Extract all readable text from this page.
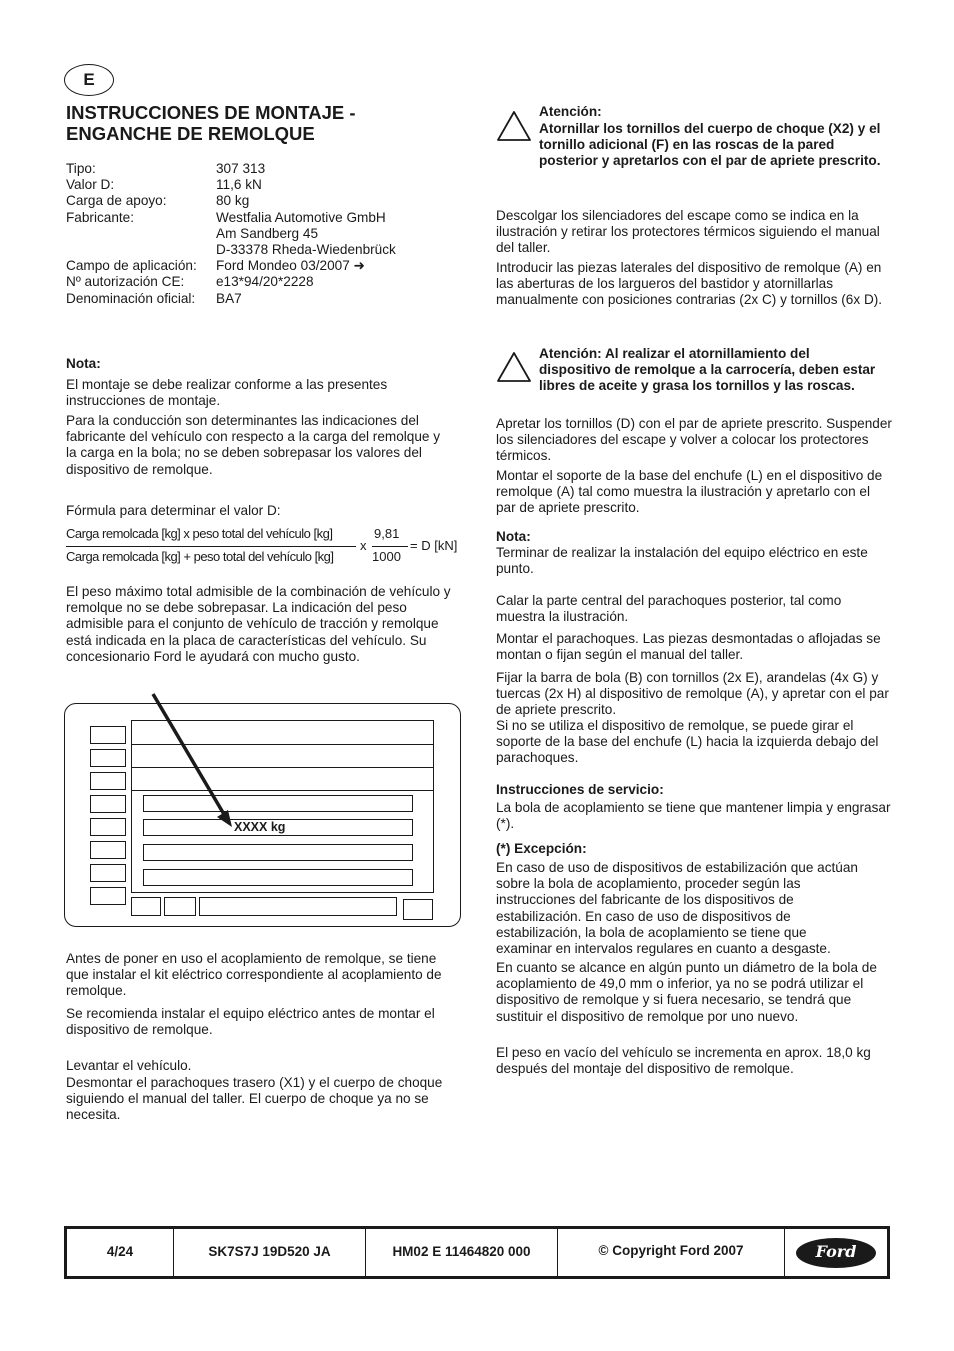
E
INSTRUCCIONES DE MONTAJE - ENGANCHE DE REMOLQUE
Tipo:	307 313
Valor D:	11,6 kN
Carga de apoyo:	80 kg
Fabricante:	Westfalia Automotive GmbH
Am Sandberg 45
D-33378 Rheda-Wiedenbrück
Campo de aplicación:	Ford Mondeo 03/2007 ➜
Nº autorización CE:	e13*94/20*2228
Denominación oficial:	BA7
Nota:

El montaje se debe realizar conforme a las presentes instrucciones de montaje.

Para la conducción son determinantes las indicaciones del fabricante del vehículo con respecto a la carga del remolque y la carga en la bola; no se deben sobrepasar los valores del dispositivo de remolque.

Fórmula para determinar el valor D:

Carga remolcada [kg] x peso total del vehículo [kg]
Carga remolcada [kg] + peso total del vehículo [kg]
x
9,81
1000
= D [kN]

El peso máximo total admisible de la combinación de vehículo y remolque no se debe sobrepasar. La indicación del peso admisible para el conjunto de vehículo de tracción y remolque está indicada en la placa de características del vehículo. Su concesionario Ford le ayudará con mucho gusto.

XXXX kg

Antes de poner en uso el acoplamiento de remolque, se tiene que instalar el kit eléctrico correspondiente al acoplamiento de remolque.

Se recomienda instalar el equipo eléctrico antes de montar el dispositivo de remolque.

Levantar el vehículo.

Desmontar el parachoques trasero (X1) y el cuerpo de choque siguiendo el manual del taller. El cuerpo de choque ya no se necesita.

Atención:

Atornillar los tornillos del cuerpo de choque (X2) y el tornillo adicional (F) en las roscas de la pared posterior y apretarlos con el par de apriete prescrito.

Descolgar los silenciadores del escape como se indica en la ilustración y retirar los protectores térmicos siguiendo el manual del taller.

Introducir las piezas laterales del dispositivo de remolque (A) en las aberturas de los largueros del bastidor y atornillarlas manualmente con posiciones contrarias (2x C) y tornillos (6x D).

Atención: Al realizar el atornillamiento del dispositivo de remolque a la carrocería, deben estar libres de aceite y grasa los tornillos y las roscas.

Apretar los tornillos (D) con el par de apriete prescrito. Suspender los silenciadores del escape y volver a colocar los protectores térmicos.

Montar el soporte de la base del enchufe (L) en el dispositivo de remolque (A) tal como muestra la ilustración y apretarlo con el par de apriete prescrito.

Nota:

Terminar de realizar la instalación del equipo eléctrico en este punto.

Calar la parte central del parachoques posterior, tal como muestra la ilustración.

Montar el parachoques. Las piezas desmontadas o aflojadas se montan o fijan según el manual del taller.

Fijar la barra de bola (B) con tornillos (2x E), arandelas (4x G) y tuercas (2x H) al dispositivo de remolque (A), y apretar con el par de apriete prescrito.

Si no se utiliza el dispositivo de remolque, se puede girar el soporte de la base del enchufe (L) hacia la izquierda debajo del parachoques.

Instrucciones de servicio:

La bola de acoplamiento se tiene que mantener limpia y engrasar (*).

(*) Excepción:

En caso de uso de dispositivos de estabilización que actúan sobre la bola de acoplamiento, proceder según las instrucciones del fabricante de los dispositivos de estabilización. En caso de uso de dispositivos de estabilización, la bola de acoplamiento se tiene que examinar en intervalos regulares en cuanto a desgaste.

En cuanto se alcance en algún punto un diámetro de la bola de acoplamiento de 49,0 mm o inferior, ya no se podrá utilizar el dispositivo de remolque y si fuera necesario, se tendrá que sustituir el dispositivo de remolque por uno nuevo.

El peso en vacío del vehículo se incrementa en aprox. 18,0 kg después del montaje del dispositivo de remolque.

4/24	SK7S7J 19D520 JA	HM02 E 11464820 000	© Copyright Ford 2007	Ford
